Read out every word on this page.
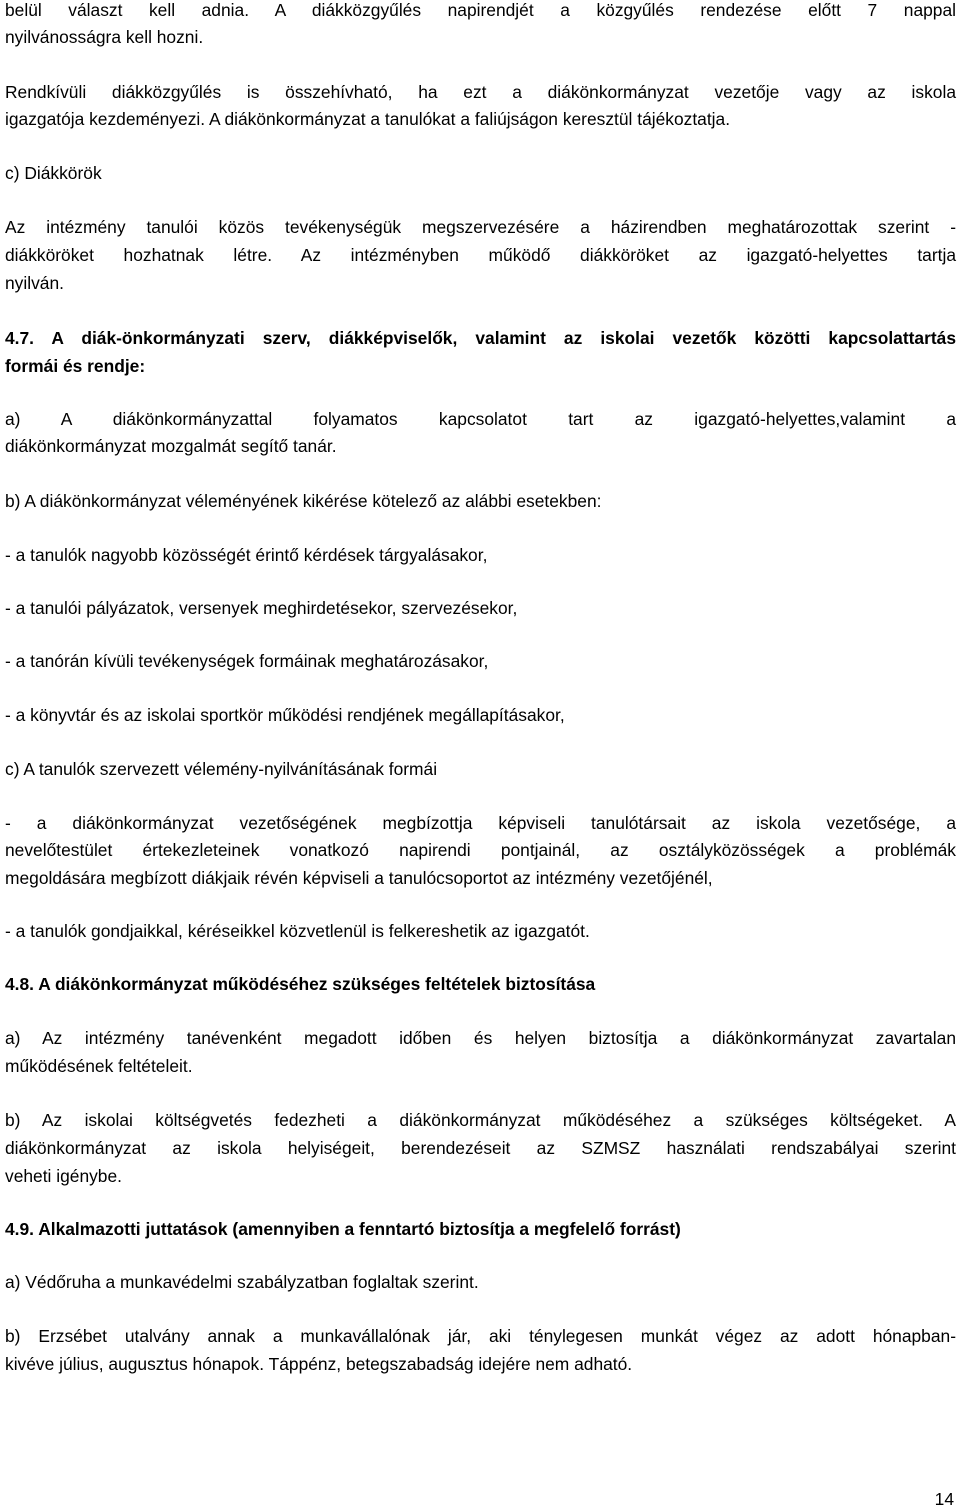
belül választ kell adnia. A diákközgyűlés napirendjét a közgyűlés rendezése előtt 7 nappal
nyilvánosságra kell hozni.
Rendkívüli diákközgyűlés is összehívható, ha ezt a diákönkormányzat vezetője vagy az iskola
igazgatója kezdeményezi. A diákönkormányzat a tanulókat a faliújságon keresztül tájékoztatja.
c) Diákkörök
Az intézmény tanulói közös tevékenységük megszervezésére a házirendben meghatározottak szerint -
diákköröket hozhatnak létre. Az intézményben működő diákköröket az igazgató-helyettes tartja
nyilván.
4.7. A diák-önkormányzati szerv, diákképviselők, valamint az iskolai vezetők közötti kapcsolattartás
formái és rendje:
a) A diákönkormányzattal folyamatos kapcsolatot tart az igazgató-helyettes,valamint a
diákönkormányzat mozgalmát segítő tanár.
b) A diákönkormányzat véleményének kikérése kötelező az alábbi esetekben:
- a tanulók nagyobb közösségét érintő kérdések tárgyalásakor,
- a tanulói pályázatok, versenyek meghirdetésekor, szervezésekor,
- a tanórán kívüli tevékenységek formáinak meghatározásakor,
- a könyvtár és az iskolai sportkör működési rendjének megállapításakor,
c) A tanulók szervezett vélemény-nyilvánításának formái
- a diákönkormányzat vezetőségének megbízottja képviseli tanulótársait az iskola vezetősége, a
nevelőtestület értekezleteinek vonatkozó napirendi pontjainál, az osztályközösségek a problémák
megoldására megbízott diákjaik révén képviseli a tanulócsoportot az intézmény vezetőjénél,
- a tanulók gondjaikkal, kéréseikkel közvetlenül is felkereshetik az igazgatót.
4.8. A diákönkormányzat működéséhez szükséges feltételek biztosítása
a) Az intézmény tanévenként megadott időben és helyen biztosítja a diákönkormányzat zavartalan
működésének feltételeit.
b) Az iskolai költségvetés fedezheti a diákönkormányzat működéséhez a szükséges költségeket. A
diákönkormányzat az iskola helyiségeit, berendezéseit az SZMSZ használati rendszabályai szerint
veheti igénybe.
4.9. Alkalmazotti juttatások (amennyiben a fenntartó biztosítja a megfelelő forrást)
a) Védőruha a munkavédelmi szabályzatban foglaltak szerint.
b) Erzsébet utalvány annak a munkavállalónak jár, aki ténylegesen munkát végez az adott hónapban-
kivéve július, augusztus hónapok. Táppénz, betegszabadság idejére nem adható.
14
